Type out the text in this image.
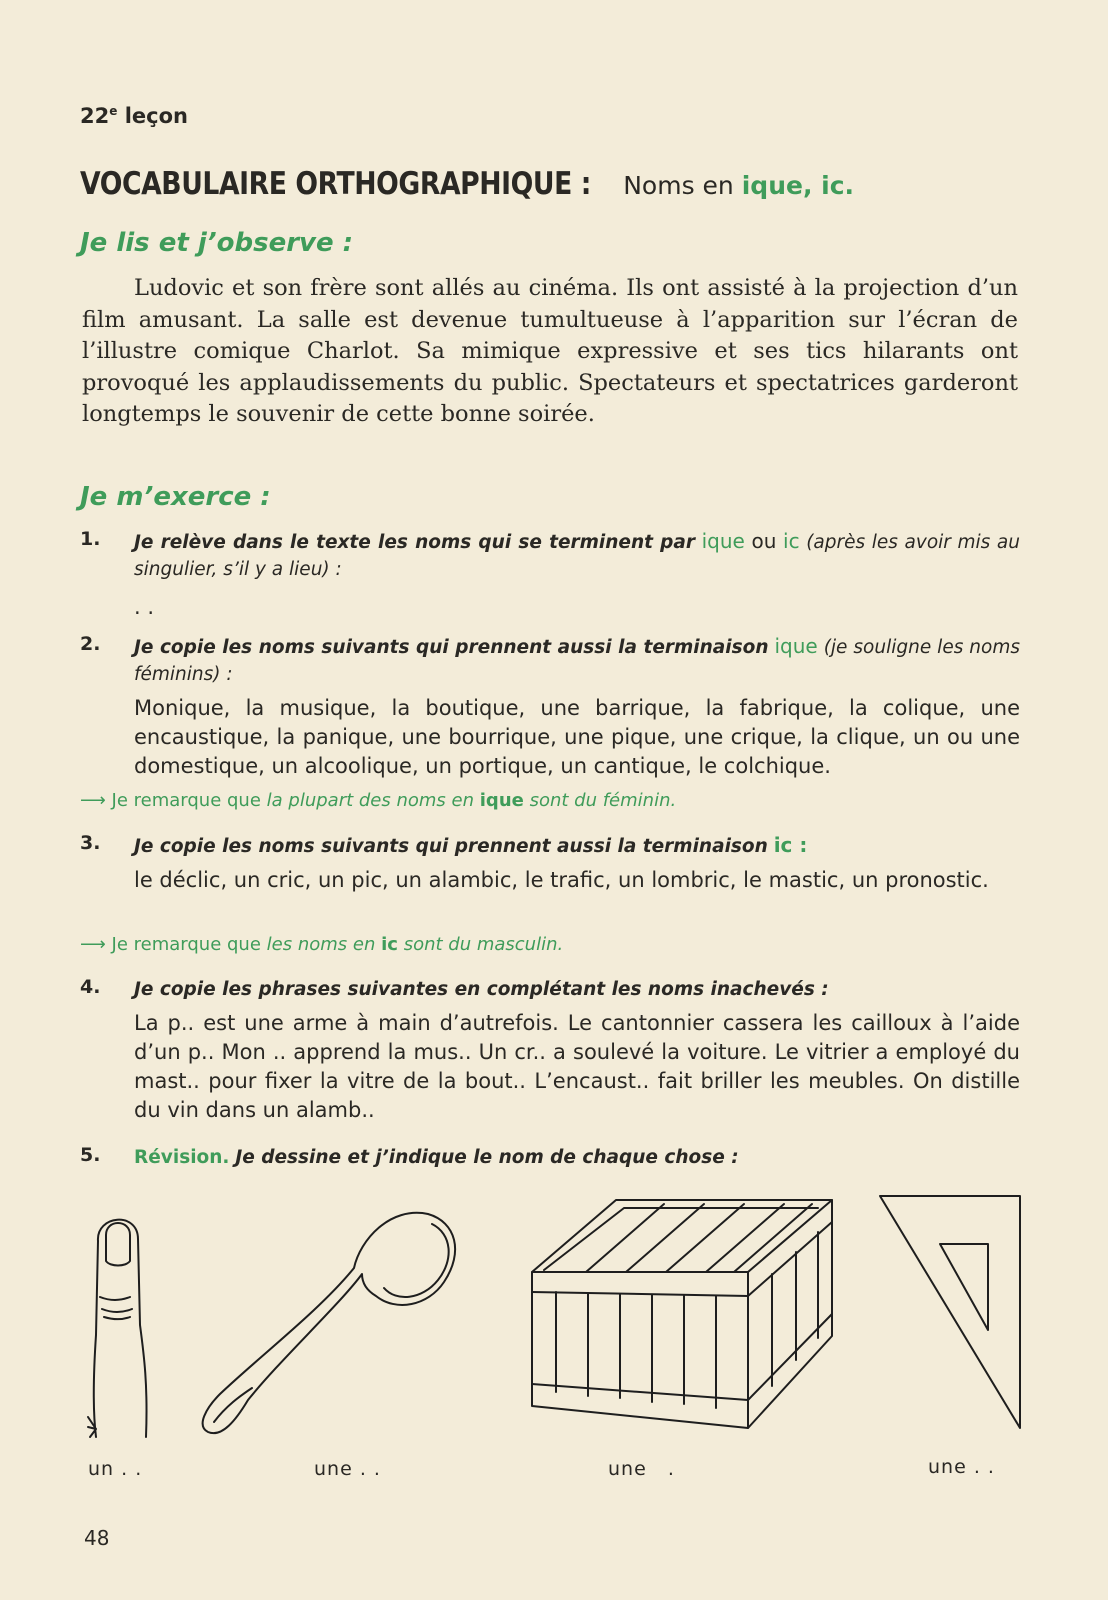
22e leçon
VOCABULAIRE ORTHOGRAPHIQUE : Noms en ique, ic.
Je lis et j’observe :

Ludovic et son frère sont allés au cinéma. Ils ont assisté à la projection d’un film amusant. La salle est devenue tumultueuse à l’apparition sur l’écran de l’illustre comique Charlot. Sa mimique expressive et ses tics hilarants ont provoqué les applaudissements du public. Spectateurs et spectatrices garderont longtemps le souvenir de cette bonne soirée.

Je m’exerce :
1. Je relève dans le texte les noms qui se terminent par ique ou ic (après les avoir mis au singulier, s’il y a lieu) :
. .
2. Je copie les noms suivants qui prennent aussi la terminaison ique (je souligne les noms féminins) :
Monique, la musique, la boutique, une barrique, la fabrique, la colique, une encaustique, la panique, une bourrique, une pique, une crique, la clique, un ou une domestique, un alcoolique, un portique, un cantique, le colchique.
⟶ Je remarque que la plupart des noms en ique sont du féminin.
3. Je copie les noms suivants qui prennent aussi la terminaison ic :
le déclic, un cric, un pic, un alambic, le trafic, un lombric, le mastic, un pronostic.
⟶ Je remarque que les noms en ic sont du masculin.
4. Je copie les phrases suivantes en complétant les noms inachevés :
La p.. est une arme à main d’autrefois. Le cantonnier cassera les cailloux à l’aide d’un p.. Mon .. apprend la mus.. Un cr.. a soulevé la voiture. Le vitrier a employé du mast.. pour fixer la vitre de la bout.. L’encaust.. fait briller les meubles. On distille du vin dans un alamb..
5. Révision. Je dessine et j’indique le nom de chaque chose :
un . .	une . .	une   .	une . .
48
